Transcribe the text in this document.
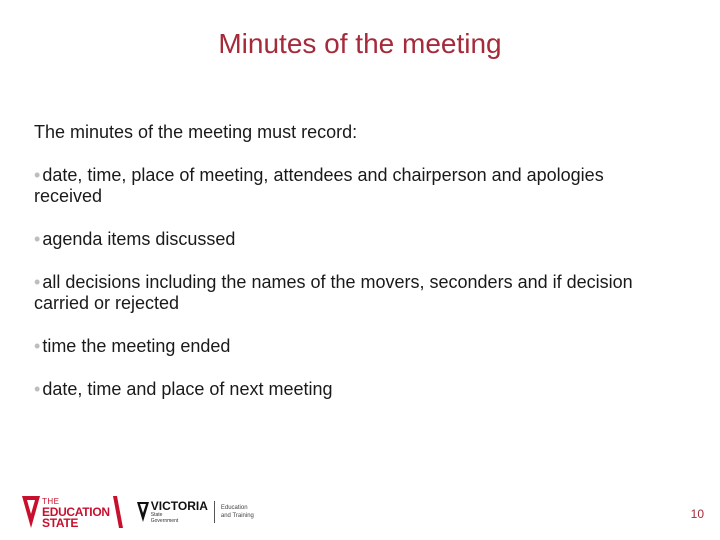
Minutes of the meeting

The minutes of the meeting must record:

• date, time, place of meeting, attendees and chairperson and apologies received

• agenda items discussed

• all decisions including the names of the movers, seconders and if decision carried or rejected

• time the meeting ended

• date, time and place of next meeting

THE
EDUCATION
STATE
VICTORIA
State
Government
Education
and Training	10
